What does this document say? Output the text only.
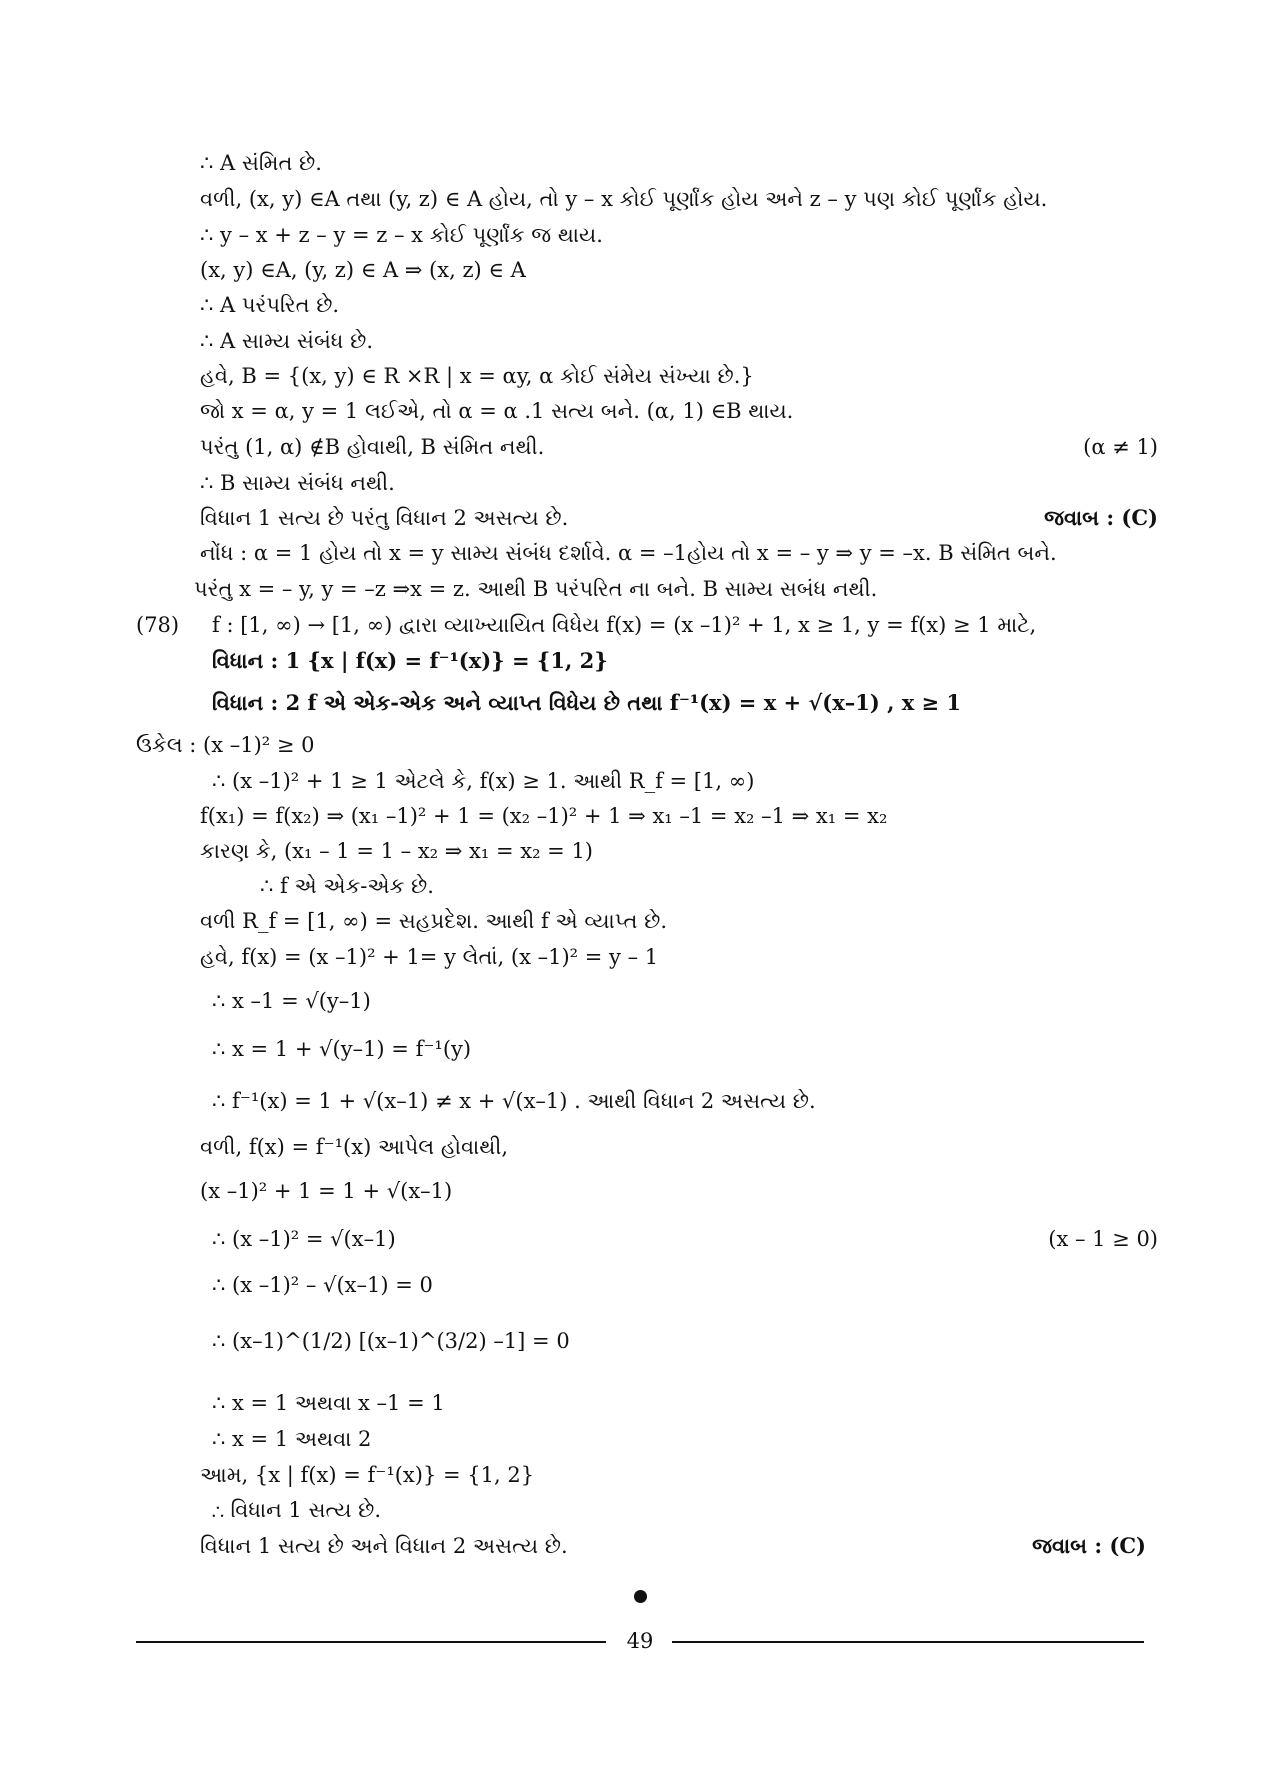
∴ A સંમિત છે.
વળી, (x, y) ∈A તથા (y, z) ∈ A હોય, તો y – x કોઈ પૂર્ણાંક હોય અને z – y પણ કોઈ પૂર્ણાંક હોય.
∴ y – x + z – y = z – x કોઈ પૂર્ણાંક જ થાય.
(x, y) ∈A, (y, z) ∈ A ⇒ (x, z) ∈ A
∴ A પરંપરિત છે.
∴ A સામ્ય સંબંધ છે.
હવે, B = {(x, y) ∈ R ×R | x = αy, α કોઈ સંમેય સંખ્યા છે.}
જો x = α, y = 1 લઈએ, તો α = α .1 સત્ય બને. (α, 1) ∈B થાય.
પરંતુ (1, α) ∉B હોવાથી, B સંમિત નથી.	(α ≠ 1)
∴ B સામ્ય સંબંધ નથી.
વિધાન 1 સત્ય છે પરંતુ વિધાન 2 અસત્ય છે.	જવાબ : (C)
નોંધ : α = 1 હોય તો x = y સામ્ય સંબંધ દર્શાવે. α = –1હોય તો x = – y ⇒ y = –x. B સંમિત બને.
પરંતુ x = – y, y = –z ⇒x = z. આથી B પરંપરિત ના બને. B સામ્ય સબંધ નથી.
(78) f : [1, ∞) → [1, ∞) દ્વારા વ્યાખ્યાયિત વિધેય f(x) = (x –1)² + 1, x ≥ 1, y = f(x) ≥ 1 માટે,
વિધાન : 1 {x | f(x) = f⁻¹(x)} = {1, 2}
વિધાન : 2 f એ એક-એક અને વ્યાપ્ત વિધેય છે તથા f⁻¹(x) = x + √(x–1) , x ≥ 1
ઉકેલ : (x –1)² ≥ 0
∴ (x –1)² + 1 ≥ 1 એટલે કે, f(x) ≥ 1. આથી R_f = [1, ∞)
f(x₁) = f(x₂) ⇒ (x₁ –1)² + 1 = (x₂ –1)² + 1 ⇒ x₁ –1 = x₂ –1 ⇒ x₁ = x₂
કારણ કે, (x₁ – 1 = 1 – x₂ ⇒ x₁ = x₂ = 1)
∴ f એ એક-એક છે.
વળી R_f = [1, ∞) = સહપ્રદેશ. આથી f એ વ્યાપ્ત છે.
હવે, f(x) = (x –1)² + 1= y લેતાં, (x –1)² = y – 1
∴ x –1 = √(y–1)
∴ x = 1 + √(y–1) = f⁻¹(y)
∴ f⁻¹(x) = 1 + √(x–1) ≠ x + √(x–1) . આથી વિધાન 2 અસત્ય છે.
વળી, f(x) = f⁻¹(x) આપેલ હોવાથી,
(x –1)² + 1 = 1 + √(x–1)
∴ (x –1)² = √(x–1)	(x – 1 ≥ 0)
∴ (x –1)² – √(x–1) = 0
∴ (x–1)^(1/2) [(x–1)^(3/2) –1] = 0
∴ x = 1 અથવા x –1 = 1
∴ x = 1 અથવા 2
આમ, {x | f(x) = f⁻¹(x)} = {1, 2}
∴ વિધાન 1 સત્ય છે.
વિધાન 1 સત્ય છે અને વિધાન 2 અસત્ય છે.	જવાબ : (C)
49
